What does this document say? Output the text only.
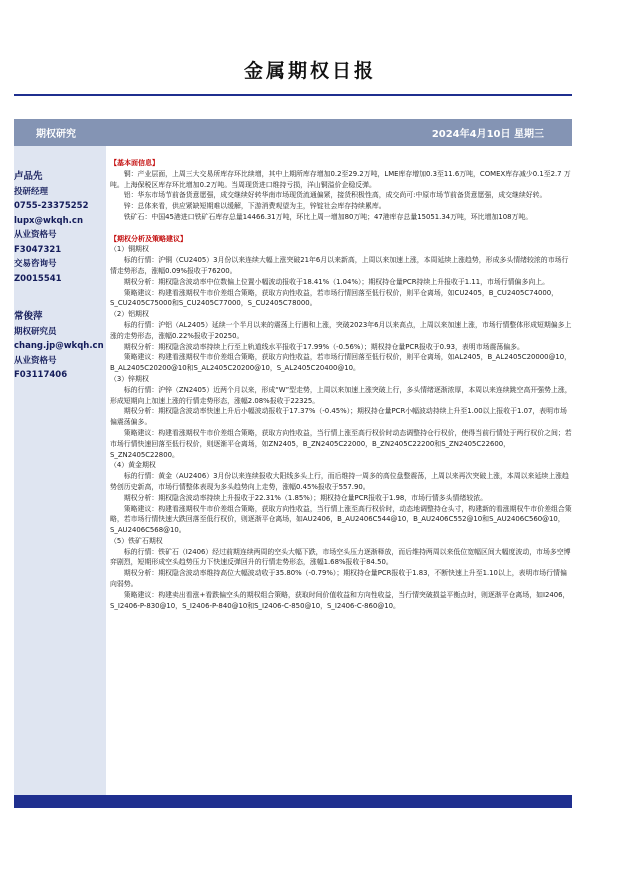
金属期权日报
期权研究	2024年4月10日 星期三
卢品先
投研经理
0755-23375252
lupx@wkqh.cn
从业资格号
F3047321
交易咨询号
Z0015541
常俊萍
期权研究员
chang.jp@wkqh.cn
从业资格号
F03117406
【基本面信息】
　　铜：产业层面，上周三大交易所库存环比续增，其中上期所库存增加0.2至29.2万吨，LME库存增加0.3至11.6万吨，COMEX库存减少0.1至2.7 万吨。上海保税区库存环比增加0.2万吨。当周现货进口维持亏损，洋山铜溢价企稳反弹。
　　铝：华东市场节前备货意愿强，成交继续好转华南市场现货流通偏紧，接货积极性高，成交尚可:中原市场节前备货意愿强，成交继续好转。
　　锌：总体来看，供应紧缺短期难以缓解，下游消费观望为主，锌锭社会库存持续累库。
　　铁矿石：中国45港进口铁矿石库存总量14466.31万吨，环比上周一增加80万吨；47港库存总量15051.34万吨，环比增加108万吨。
【期权分析及策略建议】
（1）铜期权
　　标的行情：沪铜（CU2405）3月份以来连续大幅上涨突破21年6月以来新高，上周以来加速上涨，本周延续上涨趋势，形成多头情绪较浓的市场行情走势形态，涨幅0.09%报收于76200。
　　期权分析：期权隐含波动率中位数偏上位置小幅波动报收于18.41%（1.04%）；期权持仓量PCR持续上升报收于1.11，市场行情偏多向上。
　　策略建议：构建看涨期权牛市价差组合策略，获取方向性收益，若市场行情回落至低行权价，则平仓离场，如CU2405，B_CU2405C74000，S_CU2405C75000和S_CU2405C77000，S_CU2405C78000。
（2）铝期权
　　标的行情：沪铝（AL2405）延续一个半月以来的震荡上行遇和上涨，突破2023年6月以来高点，上周以来加速上涨，市场行情整体形成短期偏多上涨的走势形态，涨幅0.22%报收于20250。
　　期权分析：期权隐含波动率持续上行至上轨道线水平报收于17.99%（-0.56%）；期权持仓量PCR报收于0.93，表明市场震荡偏多。
　　策略建议：构建看涨期权牛市价差组合策略，获取方向性收益，若市场行情回落至低行权价，则平仓离场，如AL2405，B_AL2405C20000@10，B_AL2405C20200@10和S_AL2405C20200@10，S_AL2405C20400@10。
（3）锌期权
　　标的行情：沪锌（ZN2405）近两个月以来，形成“W”型走势，上周以来加速上涨突破上行，多头情绪逐渐浓厚，本周以来连续跳空高开强势上涨，形成短期向上加速上涨的行情走势形态，涨幅2.08%报收于22325。
　　期权分析：期权隐含波动率快速上升后小幅波动报收于17.37%（-0.45%）；期权持仓量PCR小幅波动持续上升至1.00以上报收于1.07，表明市场偏震荡偏多。
　　策略建议：构建看涨期权牛市价差组合策略，获取方向性收益，当行情上涨至高行权价时动态调整持仓行权价，使得当前行情处于两行权价之间；若市场行情快速回落至低行权价，则逐渐平仓离场，如ZN2405，B_ZN2405C22000，B_ZN2405C22200和S_ZN2405C22600，S_ZN2405C22800。
（4）黄金期权
　　标的行情：黄金（AU2406）3月份以来连续报收大阳线多头上行，而后维持一周多的高位盘整震荡，上周以来再次突破上涨，本周以来延续上涨趋势创历史新高，市场行情整体表现为多头趋势向上走势，涨幅0.45%报收于557.90。
　　期权分析：期权隐含波动率持续上升报收于22.31%（1.85%）；期权持仓量PCR报收于1.98，市场行情多头情绪较浓。
　　策略建议：构建看涨期权牛市价差组合策略，获取方向性收益，当行情上涨至高行权价时，动态地调整持仓头寸，构建新的看涨期权牛市价差组合策略，若市场行情快速大跌回落至低行权价，则逐渐平仓离场，如AU2406，B_AU2406C544@10，B_AU2406C552@10和S_AU2406C560@10，S_AU2406C568@10。
（5）铁矿石期权
　　标的行情：铁矿石（I2406）经过前期连续两周的空头大幅下跌，市场空头压力逐渐释放，而后维持两周以来低位宽幅区间大幅度波动，市场多空博弈剧烈，短期形成空头趋势压力下快速反弹回升的行情走势形态，涨幅1.68%报收于84.50。
　　期权分析：期权隐含波动率维持高位大幅波动收于35.80%（-0.79%）；期权持仓量PCR报收于1.83，不断快速上升至1.10以上，表明市场行情偏向弱势。
　　策略建议：构建卖出看涨+看跌偏空头的期权组合策略，获取时间价值收益和方向性收益，当行情突破损益平衡点时，则逐渐平仓离场，如I2406，S_I2406-P-830@10，S_I2406-P-840@10和S_I2406-C-850@10，S_I2406-C-860@10。
